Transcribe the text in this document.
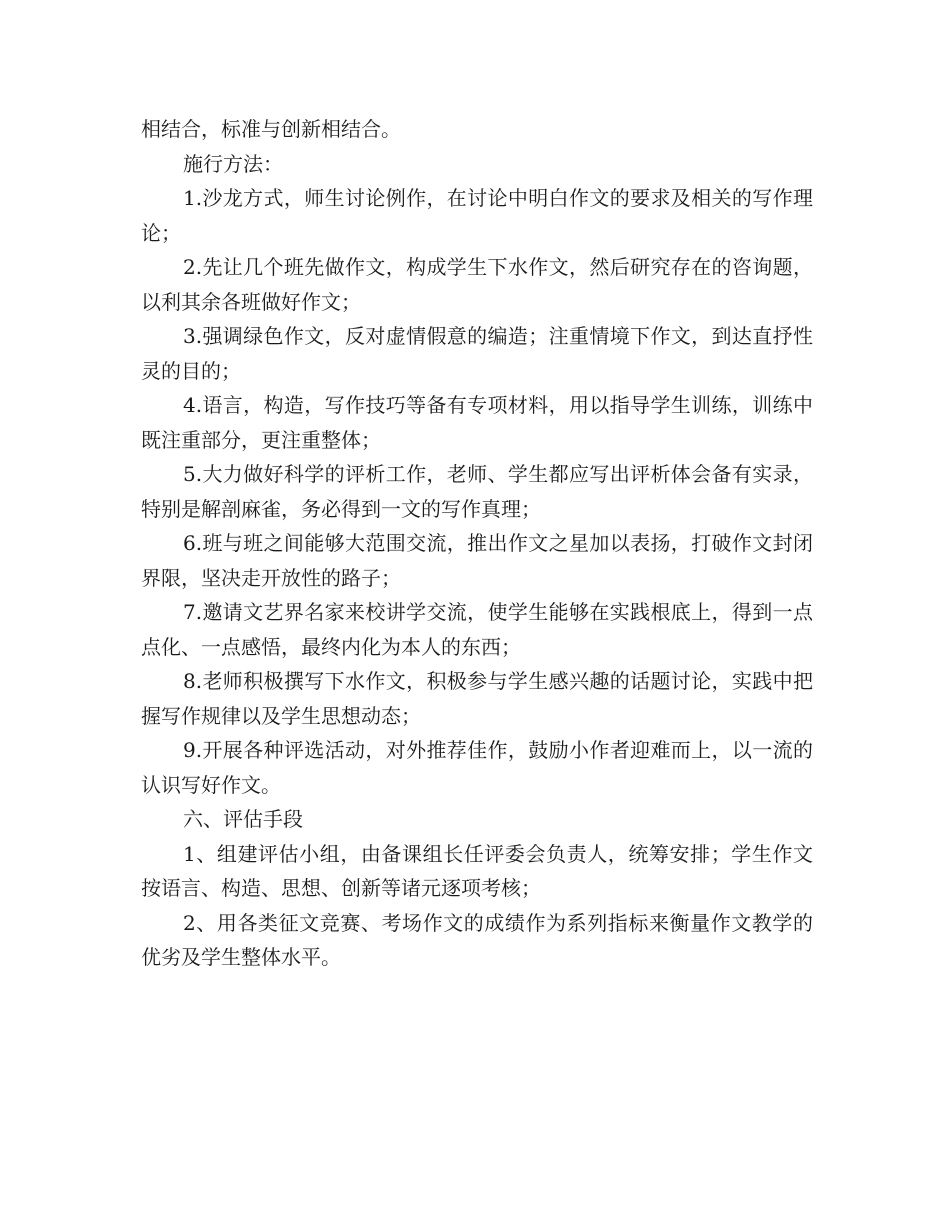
相结合，标准与创新相结合。

施行方法：

1.沙龙方式，师生讨论例作，在讨论中明白作文的要求及相关的写作理论；

2.先让几个班先做作文，构成学生下水作文，然后研究存在的咨询题，以利其余各班做好作文；

3.强调绿色作文，反对虚情假意的编造；注重情境下作文，到达直抒性灵的目的；

4.语言，构造，写作技巧等备有专项材料，用以指导学生训练，训练中既注重部分，更注重整体；

5.大力做好科学的评析工作，老师、学生都应写出评析体会备有实录，特别是解剖麻雀，务必得到一文的写作真理；

6.班与班之间能够大范围交流，推出作文之星加以表扬，打破作文封闭界限，坚决走开放性的路子；

7.邀请文艺界名家来校讲学交流，使学生能够在实践根底上，得到一点点化、一点感悟，最终内化为本人的东西；

8.老师积极撰写下水作文，积极参与学生感兴趣的话题讨论，实践中把握写作规律以及学生思想动态；

9.开展各种评选活动，对外推荐佳作，鼓励小作者迎难而上，以一流的认识写好作文。

六、评估手段

1、组建评估小组，由备课组长任评委会负责人，统筹安排；学生作文按语言、构造、思想、创新等诸元逐项考核；

2、用各类征文竞赛、考场作文的成绩作为系列指标来衡量作文教学的优劣及学生整体水平。
